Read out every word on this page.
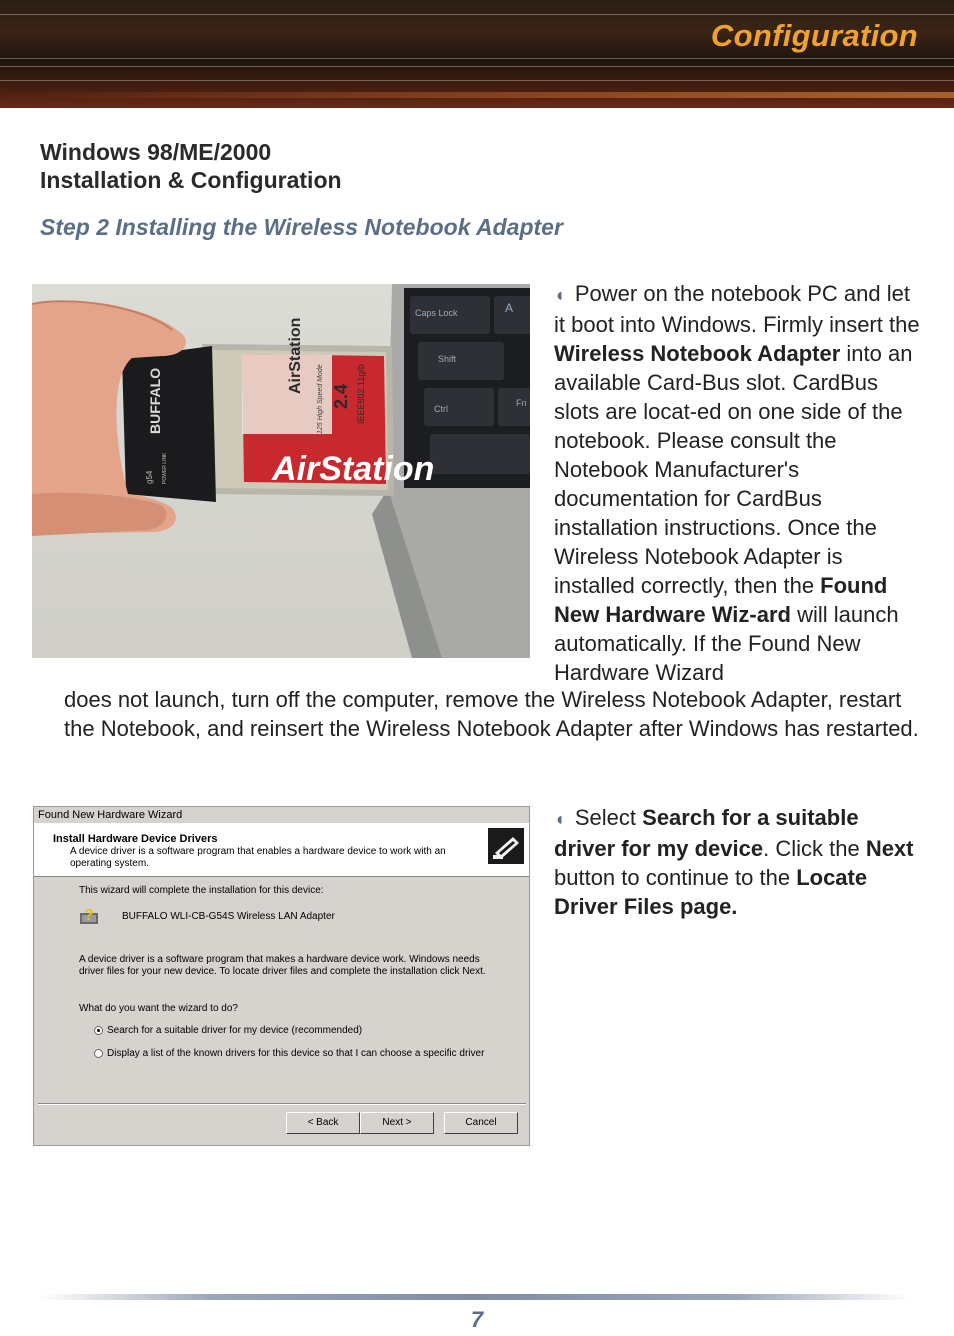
Configuration
Windows 98/ME/2000
Installation & Configuration
Step 2 Installing the Wireless Notebook Adapter
Caps Lock	A
Shift
Ctrl
Fn
AirStation
AirStation
2.4 IEEE802.11g/b
125 High Speed Mode
BUFFALO
g54 POWER LINK
◖ Power on the notebook PC and let it boot into Windows. Firmly insert the Wireless Notebook Adapter into an available Card-Bus slot. CardBus slots are locat-ed on one side of the notebook. Please consult the Notebook Manufacturer's documentation for CardBus installation instructions. Once the Wireless Notebook Adapter is installed correctly, then the Found New Hardware Wiz-ard will launch automatically. If the Found New Hardware Wizard
does not launch, turn off the computer, remove the Wireless Notebook Adapter, restart the Notebook, and reinsert the Wireless Notebook Adapter after Windows has restarted.
Found New Hardware Wizard
Install Hardware Device Drivers
A device driver is a software program that enables a hardware device to work with an operating system.
This wizard will complete the installation for this device:
?	BUFFALO WLI-CB-G54S Wireless LAN Adapter
A device driver is a software program that makes a hardware device work. Windows needs
driver files for your new device. To locate driver files and complete the installation click Next.
What do you want the wizard to do?
Search for a suitable driver for my device (recommended)
Display a list of the known drivers for this device so that I can choose a specific driver
< Back	Next >	Cancel
◖ Select Search for a suitable driver for my device. Click the Next button to continue to the Locate Driver Files page.
7
